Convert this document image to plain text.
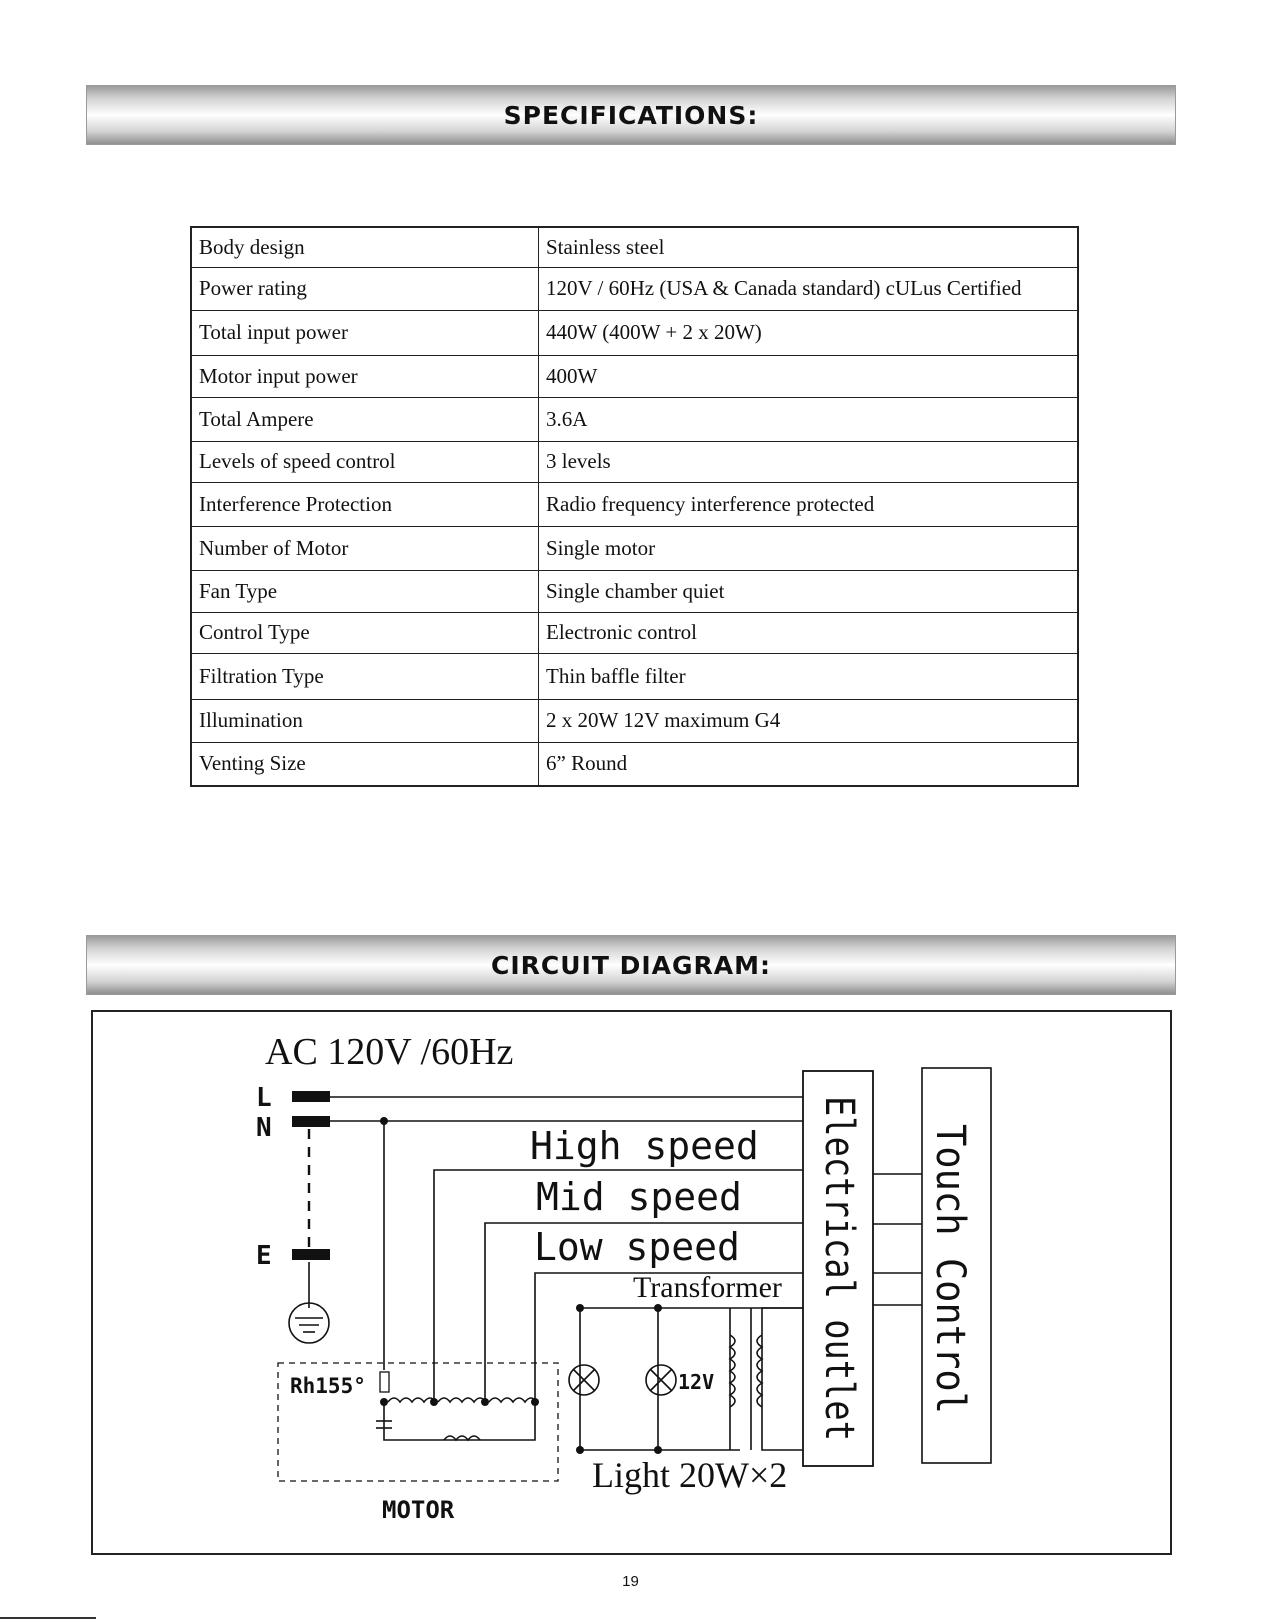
SPECIFICATIONS:
Body design	Stainless steel
Power rating	120V / 60Hz (USA & Canada standard) cULus Certified
Total input power	440W (400W + 2 x 20W)
Motor input power	400W
Total Ampere	3.6A
Levels of speed control	3 levels
Interference Protection	Radio frequency interference protected
Number of Motor	Single motor
Fan Type	Single chamber quiet
Control Type	Electronic control
Filtration Type	Thin baffle filter
Illumination	2 x 20W 12V maximum G4
Venting Size	6” Round
CIRCUIT DIAGRAM:
AC 120V /60Hz
L
N
E
High speed
Mid speed
Low speed
Transformer
12V
Light 20W×2
Rh155°
MOTOR
Electrical outlet Touch Control
19
